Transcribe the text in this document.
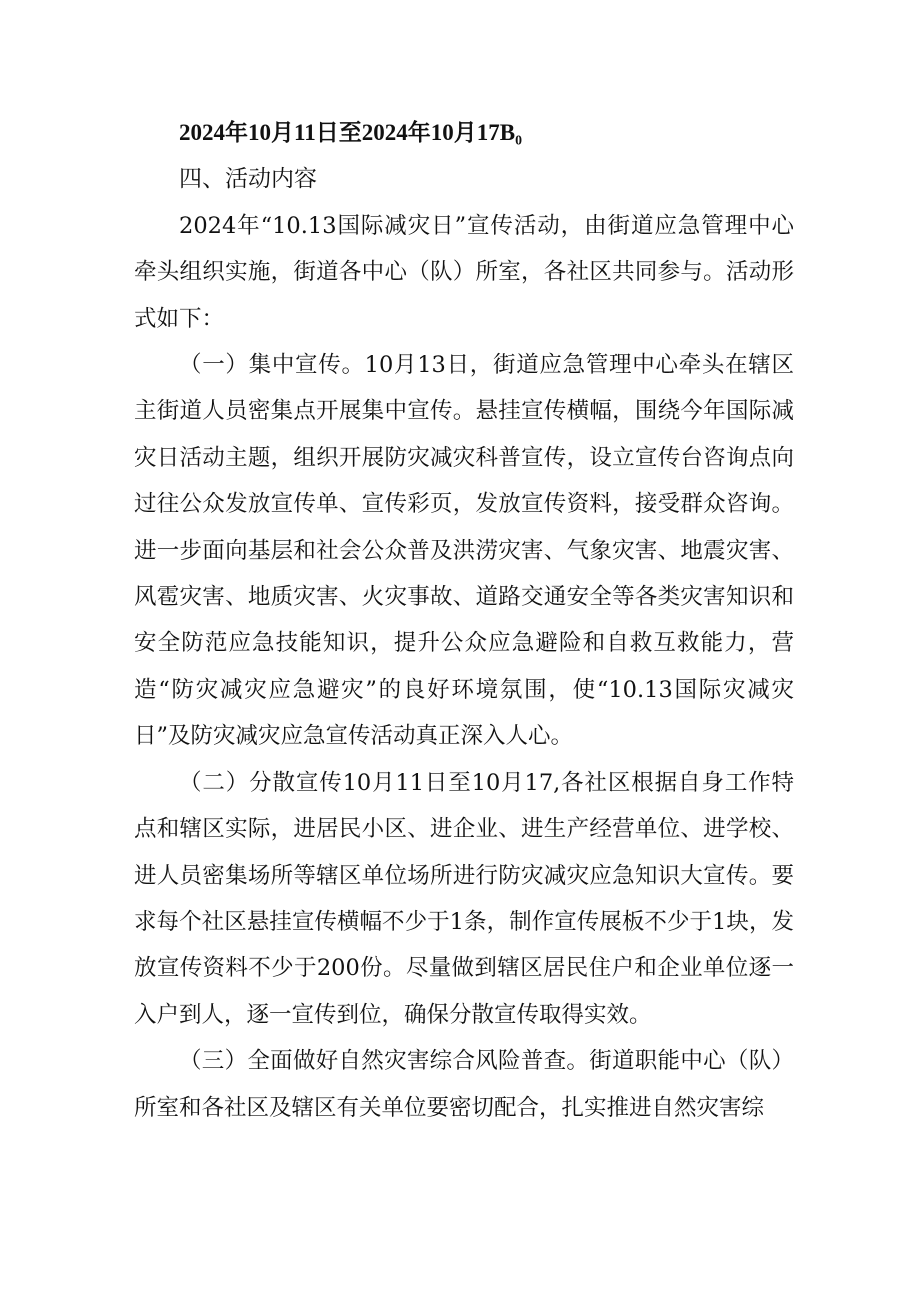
2024年10月11日至2024年10月17B₀

四、活动内容

2024年“10.13国际减灾日”宣传活动，由街道应急管理中心牵头组织实施，街道各中心（队）所室，各社区共同参与。活动形式如下：

（一）集中宣传。10月13日，街道应急管理中心牵头在辖区主街道人员密集点开展集中宣传。悬挂宣传横幅，围绕今年国际减灾日活动主题，组织开展防灾减灾科普宣传，设立宣传台咨询点向过往公众发放宣传单、宣传彩页，发放宣传资料，接受群众咨询。进一步面向基层和社会公众普及洪涝灾害、气象灾害、地震灾害、风雹灾害、地质灾害、火灾事故、道路交通安全等各类灾害知识和安全防范应急技能知识，提升公众应急避险和自救互救能力，营造“防灾减灾应急避灾”的良好环境氛围，使“10.13国际灾减灾日”及防灾减灾应急宣传活动真正深入人心。

（二）分散宣传10月11日至10月17,各社区根据自身工作特点和辖区实际，进居民小区、进企业、进生产经营单位、进学校、进人员密集场所等辖区单位场所进行防灾减灾应急知识大宣传。要求每个社区悬挂宣传横幅不少于1条，制作宣传展板不少于1块，发放宣传资料不少于200份。尽量做到辖区居民住户和企业单位逐一入户到人，逐一宣传到位，确保分散宣传取得实效。

（三）全面做好自然灾害综合风险普查。街道职能中心（队）所室和各社区及辖区有关单位要密切配合，扎实推进自然灾害综
